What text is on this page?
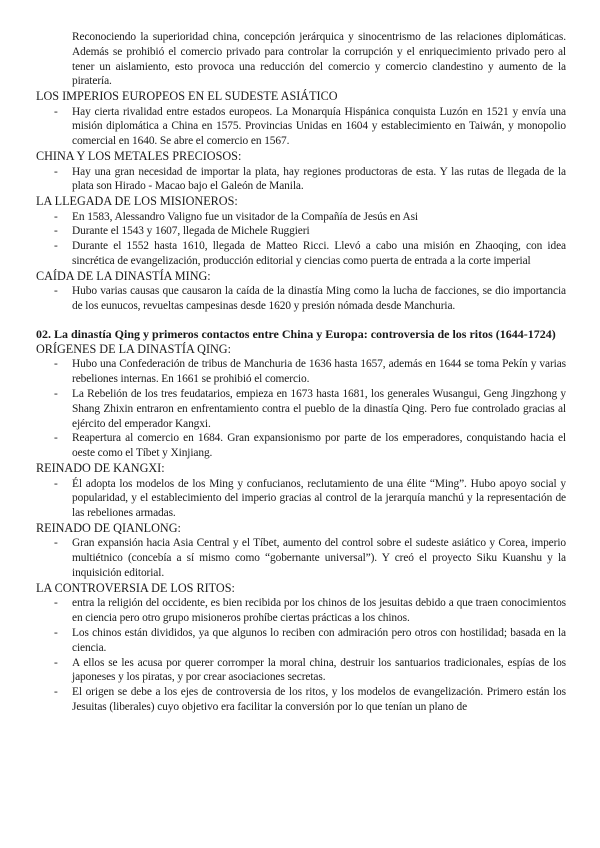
Reconociendo la superioridad china, concepción jerárquica y sinocentrismo de las relaciones diplomáticas. Además se prohibió el comercio privado para controlar la corrupción y el enriquecimiento privado pero al tener un aislamiento, esto provoca una reducción del comercio y comercio clandestino y aumento de la piratería.

LOS IMPERIOS EUROPEOS EN EL SUDESTE ASIÁTICO

- Hay cierta rivalidad entre estados europeos. La Monarquía Hispánica conquista Luzón en 1521 y envía una misión diplomática a China en 1575. Provincias Unidas en 1604 y establecimiento en Taiwán, y monopolio comercial en 1640. Se abre el comercio en 1567.

CHINA Y LOS METALES PRECIOSOS:

- Hay una gran necesidad de importar la plata, hay regiones productoras de esta. Y las rutas de llegada de la plata son Hirado - Macao bajo el Galeón de Manila.

LA LLEGADA DE LOS MISIONEROS:

- En 1583, Alessandro Valigno fue un visitador de la Compañía de Jesús en Asi
- Durante el 1543 y 1607, llegada de Michele Ruggieri
- Durante el 1552 hasta 1610, llegada de Matteo Ricci. Llevó a cabo una misión en Zhaoqing, con idea sincrética de evangelización, producción editorial y ciencias como puerta de entrada a la corte imperial

CAÍDA DE LA DINASTÍA MING:

- Hubo varias causas que causaron la caída de la dinastía Ming como la lucha de facciones, se dio importancia de los eunucos, revueltas campesinas desde 1620 y presión nómada desde Manchuria.

02. La dinastía Qing y primeros contactos entre China y Europa: controversia de los ritos (1644-1724)

ORÍGENES DE LA DINASTÍA QING:

- Hubo una Confederación de tribus de Manchuria de 1636 hasta 1657, además en 1644 se toma Pekín y varias rebeliones internas. En 1661 se prohibió el comercio.
- La Rebelión de los tres feudatarios, empieza en 1673 hasta 1681, los generales Wusangui, Geng Jingzhong y Shang Zhixin entraron en enfrentamiento contra el pueblo de la dinastía Qing. Pero fue controlado gracias al ejército del emperador Kangxi.
- Reapertura al comercio en 1684. Gran expansionismo por parte de los emperadores, conquistando hacia el oeste como el Tíbet y Xinjiang.

REINADO DE KANGXI:

- Él adopta los modelos de los Ming y confucianos, reclutamiento de una élite “Ming”. Hubo apoyo social y popularidad, y el establecimiento del imperio gracias al control de la jerarquía manchú y la representación de las rebeliones armadas.

REINADO DE QIANLONG:

- Gran expansión hacia Asia Central y el Tíbet, aumento del control sobre el sudeste asiático y Corea, imperio multiétnico (concebía a sí mismo como “gobernante universal”). Y creó el proyecto Siku Kuanshu y la inquisición editorial.

LA CONTROVERSIA DE LOS RITOS:

- entra la religión del occidente, es bien recibida por los chinos de los jesuitas debido a que traen conocimientos en ciencia pero otro grupo misioneros prohíbe ciertas prácticas a los chinos.
- Los chinos están divididos, ya que algunos lo reciben con admiración pero otros con hostilidad; basada en la ciencia.
- A ellos se les acusa por querer corromper la moral china, destruir los santuarios tradicionales, espías de los japoneses y los piratas, y por crear asociaciones secretas.
- El origen se debe a los ejes de controversia de los ritos, y los modelos de evangelización. Primero están los Jesuitas (liberales) cuyo objetivo era facilitar la conversión por lo que tenían un plano de
